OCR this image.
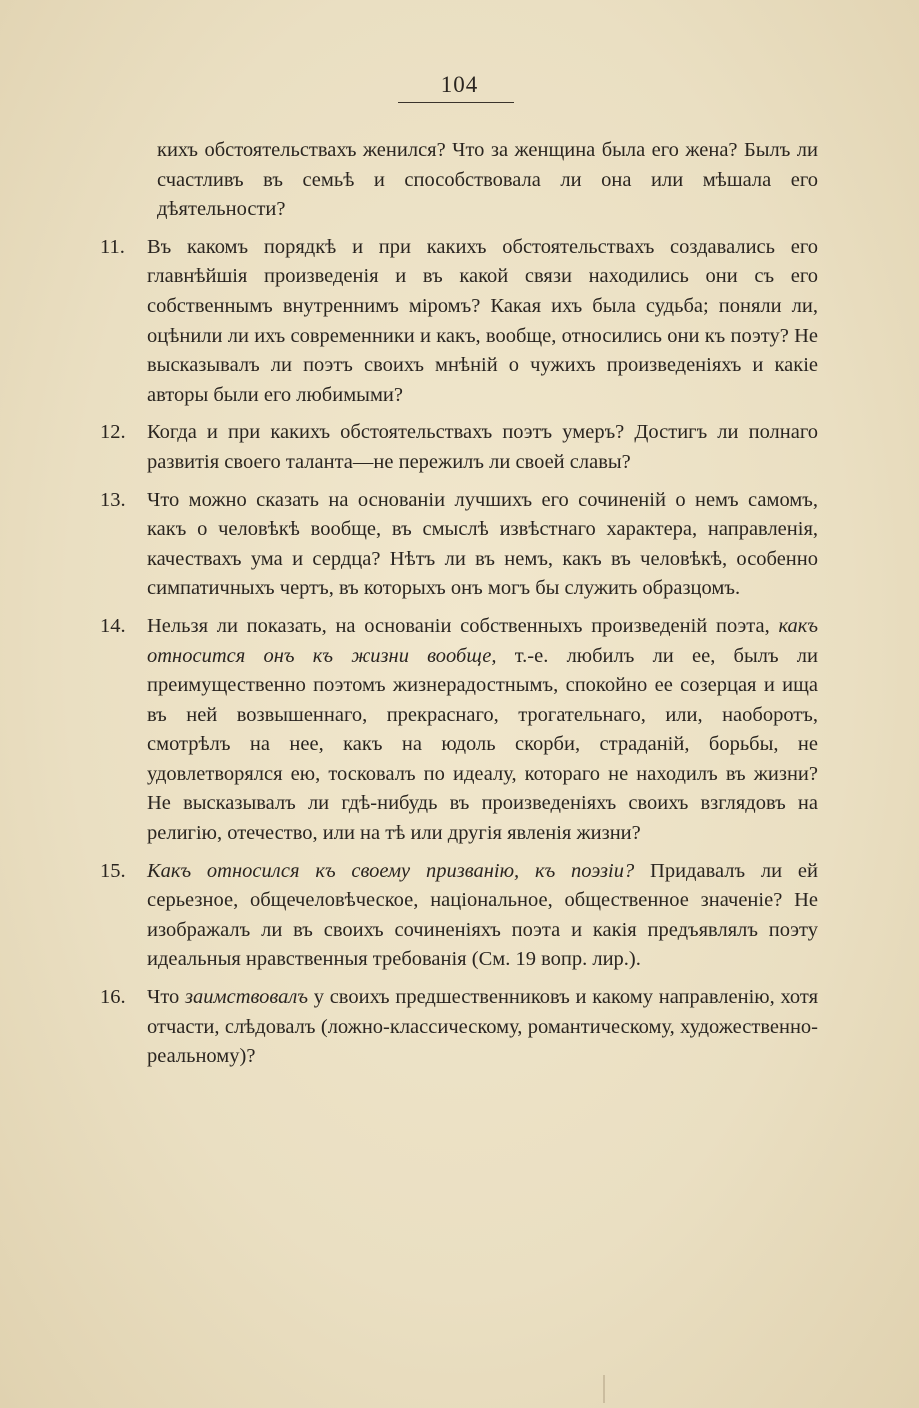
104

кихъ обстоятельствахъ женился? Что за женщина была его жена? Былъ ли счастливъ въ семьѣ и способствовала ли она или мѣшала его дѣятельности?

11.	Въ какомъ порядкѣ и при какихъ обстоятельствахъ создавались его главнѣйшія произведенія и въ какой связи находились они съ его собственнымъ внутреннимъ міромъ? Какая ихъ была судьба; поняли ли, оцѣнили ли ихъ современники и какъ, вообще, относились они къ поэту? Не высказывалъ ли поэтъ своихъ мнѣній о чужихъ произведеніяхъ и какіе авторы были его любимыми?

12.	Когда и при какихъ обстоятельствахъ поэтъ умеръ? Достигъ ли полнаго развитія своего таланта—не пережилъ ли своей славы?

13.	Что можно сказать на основаніи лучшихъ его сочиненій о немъ самомъ, какъ о человѣкѣ вообще, въ смыслѣ извѣстнаго характера, направленія, качествахъ ума и сердца? Нѣтъ ли въ немъ, какъ въ человѣкѣ, особенно симпатичныхъ чертъ, въ которыхъ онъ могъ бы служить образцомъ.

14.	Нельзя ли показать, на основаніи собственныхъ произведеній поэта, какъ относится онъ къ жизни вообще, т.-е. любилъ ли ее, былъ ли преимущественно поэтомъ жизнерадостнымъ, спокойно ее созерцая и ища въ ней возвышеннаго, прекраснаго, трогательнаго, или, наоборотъ, смотрѣлъ на нее, какъ на юдоль скорби, страданій, борьбы, не удовлетворялся ею, тосковалъ по идеалу, котораго не находилъ въ жизни? Не высказывалъ ли гдѣ-нибудь въ произведеніяхъ своихъ взглядовъ на религію, отечество, или на тѣ или другія явленія жизни?

15.	Какъ относился къ своему призванію, къ поэзіи? Придавалъ ли ей серьезное, общечеловѣческое, національное, общественное значеніе? Не изображалъ ли въ своихъ сочиненіяхъ поэта и какія предъявлялъ поэту идеальныя нравственныя требованія (См. 19 вопр. лир.).

16.	Что заимствовалъ у своихъ предшественниковъ и какому направленію, хотя отчасти, слѣдовалъ (ложно-классическому, романтическому, художественно-реальному)?
